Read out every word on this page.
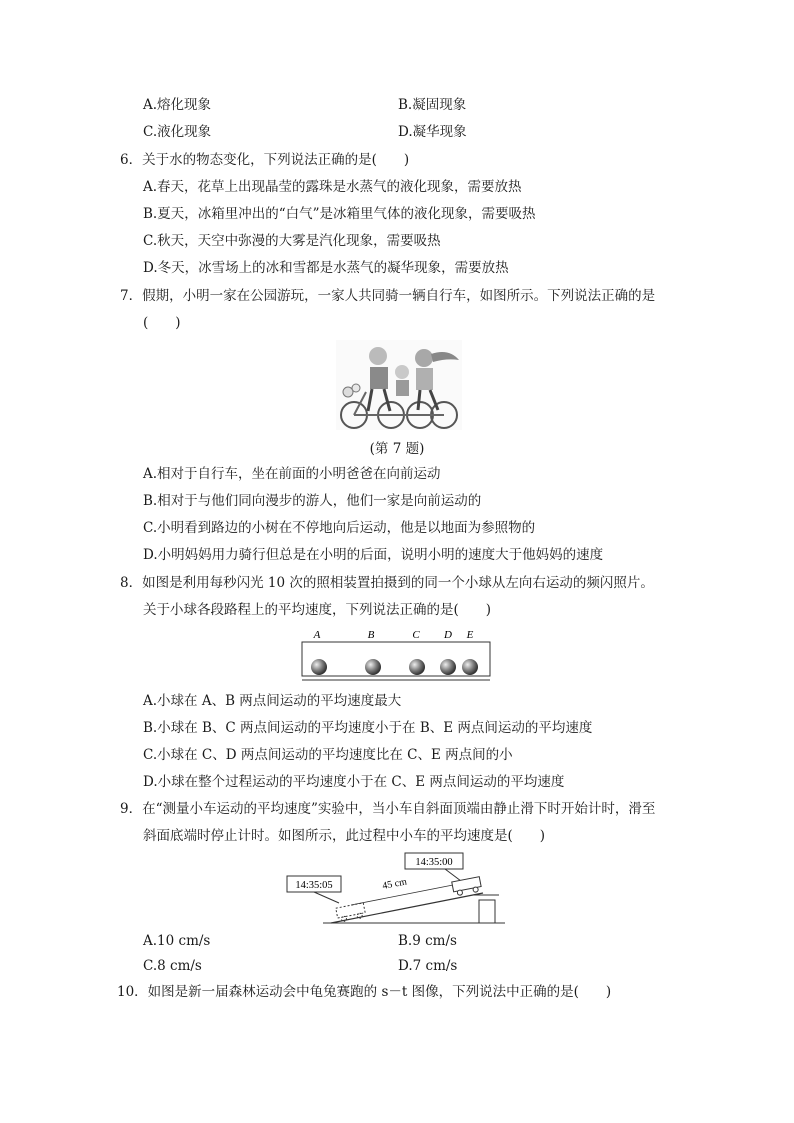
A.熔化现象	B.凝固现象
C.液化现象	D.凝华现象
6．关于水的物态变化，下列说法正确的是(　　)
A.春天，花草上出现晶莹的露珠是水蒸气的液化现象，需要放热
B.夏天，冰箱里冲出的“白气”是冰箱里气体的液化现象，需要吸热
C.秋天，天空中弥漫的大雾是汽化现象，需要吸热
D.冬天，冰雪场上的冰和雪都是水蒸气的凝华现象，需要放热
7．假期，小明一家在公园游玩，一家人共同骑一辆自行车，如图所示。下列说法正确的是
(　　)
(第 7 题)
A.相对于自行车，坐在前面的小明爸爸在向前运动
B.相对于与他们同向漫步的游人，他们一家是向前运动的
C.小明看到路边的小树在不停地向后运动，他是以地面为参照物的
D.小明妈妈用力骑行但总是在小明的后面，说明小明的速度大于他妈妈的速度
8．如图是利用每秒闪光 10 次的照相装置拍摄到的同一个小球从左向右运动的频闪照片。
关于小球各段路程上的平均速度，下列说法正确的是(　　)
A	B	C D E
A.小球在 A、B 两点间运动的平均速度最大
B.小球在 B、C 两点间运动的平均速度小于在 B、E 两点间运动的平均速度
C.小球在 C、D 两点间运动的平均速度比在 C、E 两点间的小
D.小球在整个过程运动的平均速度小于在 C、E 两点间运动的平均速度
9．在“测量小车运动的平均速度”实验中，当小车自斜面顶端由静止滑下时开始计时，滑至
斜面底端时停止计时。如图所示，此过程中小车的平均速度是(　　)
14:35:00
14:35:05	45 cm
A.10 cm/s	B.9 cm/s
C.8 cm/s	D.7 cm/s
10．如图是新一届森林运动会中龟兔赛跑的 s－t 图像，下列说法中正确的是(　　)
